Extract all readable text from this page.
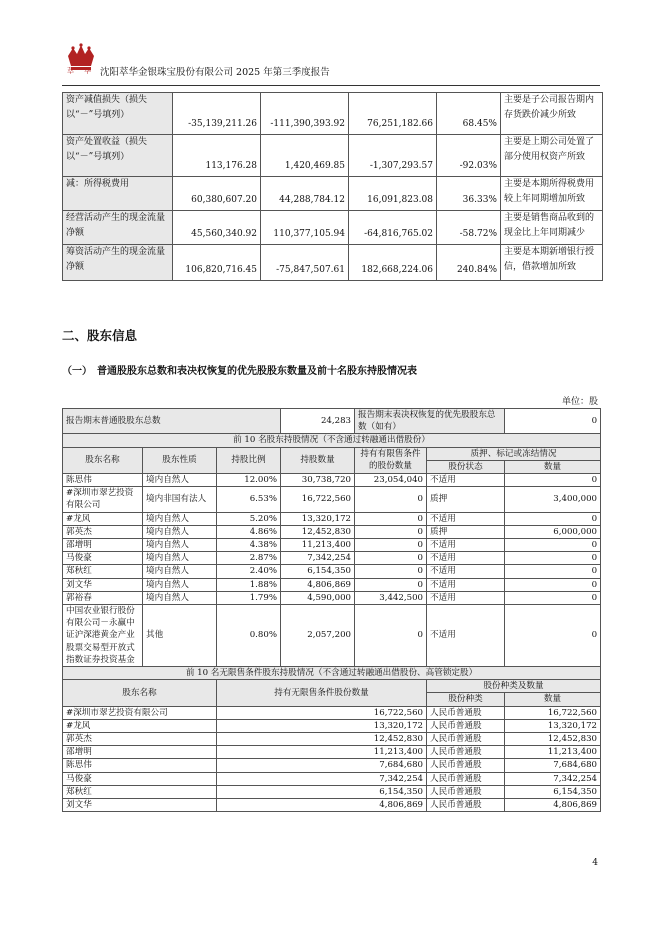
萃华 沈阳萃华金银珠宝股份有限公司 2025 年第三季度报告
资产减值损失（损失以“－”号填列）	-35,139,211.26	-111,390,393.92	76,251,182.66	68.45%	主要是子公司报告期内存货跌价减少所致
资产处置收益（损失以“－”号填列）	113,176.28	1,420,469.85	-1,307,293.57	-92.03%	主要是上期公司处置了部分使用权资产所致
减：所得税费用	60,380,607.20	44,288,784.12	16,091,823.08	36.33%	主要是本期所得税费用较上年同期增加所致
经营活动产生的现金流量净额	45,560,340.92	110,377,105.94	-64,816,765.02	-58.72%	主要是销售商品收到的现金比上年同期减少
筹资活动产生的现金流量净额	106,820,716.45	-75,847,507.61	182,668,224.06	240.84%	主要是本期新增银行授信，借款增加所致
二、股东信息
（一）　普通股股东总数和表决权恢复的优先股股东数量及前十名股东持股情况表
单位：股
报告期末普通股股东总数			24,283	报告期末表决权恢复的优先股股东总数（如有）		0
前 10 名股东持股情况（不含通过转融通出借股份）						
股东名称	股东性质	持股比例	持股数量	持有有限售条件的股份数量	质押、标记或冻结情况	
					股份状态	数量
陈思伟	境内自然人	12.00%	30,738,720	23,054,040	不适用	0
#深圳市翠艺投资有限公司	境内非国有法人	6.53%	16,722,560	0	质押	3,400,000
#龙风	境内自然人	5.20%	13,320,172	0	不适用	0
郭英杰	境内自然人	4.86%	12,452,830	0	质押	6,000,000
邵增明	境内自然人	4.38%	11,213,400	0	不适用	0
马俊豪	境内自然人	2.87%	7,342,254	0	不适用	0
郑秋红	境内自然人	2.40%	6,154,350	0	不适用	0
刘文华	境内自然人	1.88%	4,806,869	0	不适用	0
郭裕春	境内自然人	1.79%	4,590,000	3,442,500	不适用	0
中国农业银行股份有限公司－永赢中证沪深港黄金产业股票交易型开放式指数证券投资基金	其他	0.80%	2,057,200	0	不适用	0
前 10 名无限售条件股东持股情况（不含通过转融通出借股份、高管锁定股）						
股东名称		持有无限售条件股份数量			股份种类及数量	
					股份种类	数量
#深圳市翠艺投资有限公司		16,722,560			人民币普通股	16,722,560
#龙风		13,320,172			人民币普通股	13,320,172
郭英杰		12,452,830			人民币普通股	12,452,830
邵增明		11,213,400			人民币普通股	11,213,400
陈思伟		7,684,680			人民币普通股	7,684,680
马俊豪		7,342,254			人民币普通股	7,342,254
郑秋红		6,154,350			人民币普通股	6,154,350
刘文华		4,806,869			人民币普通股	4,806,869
4
